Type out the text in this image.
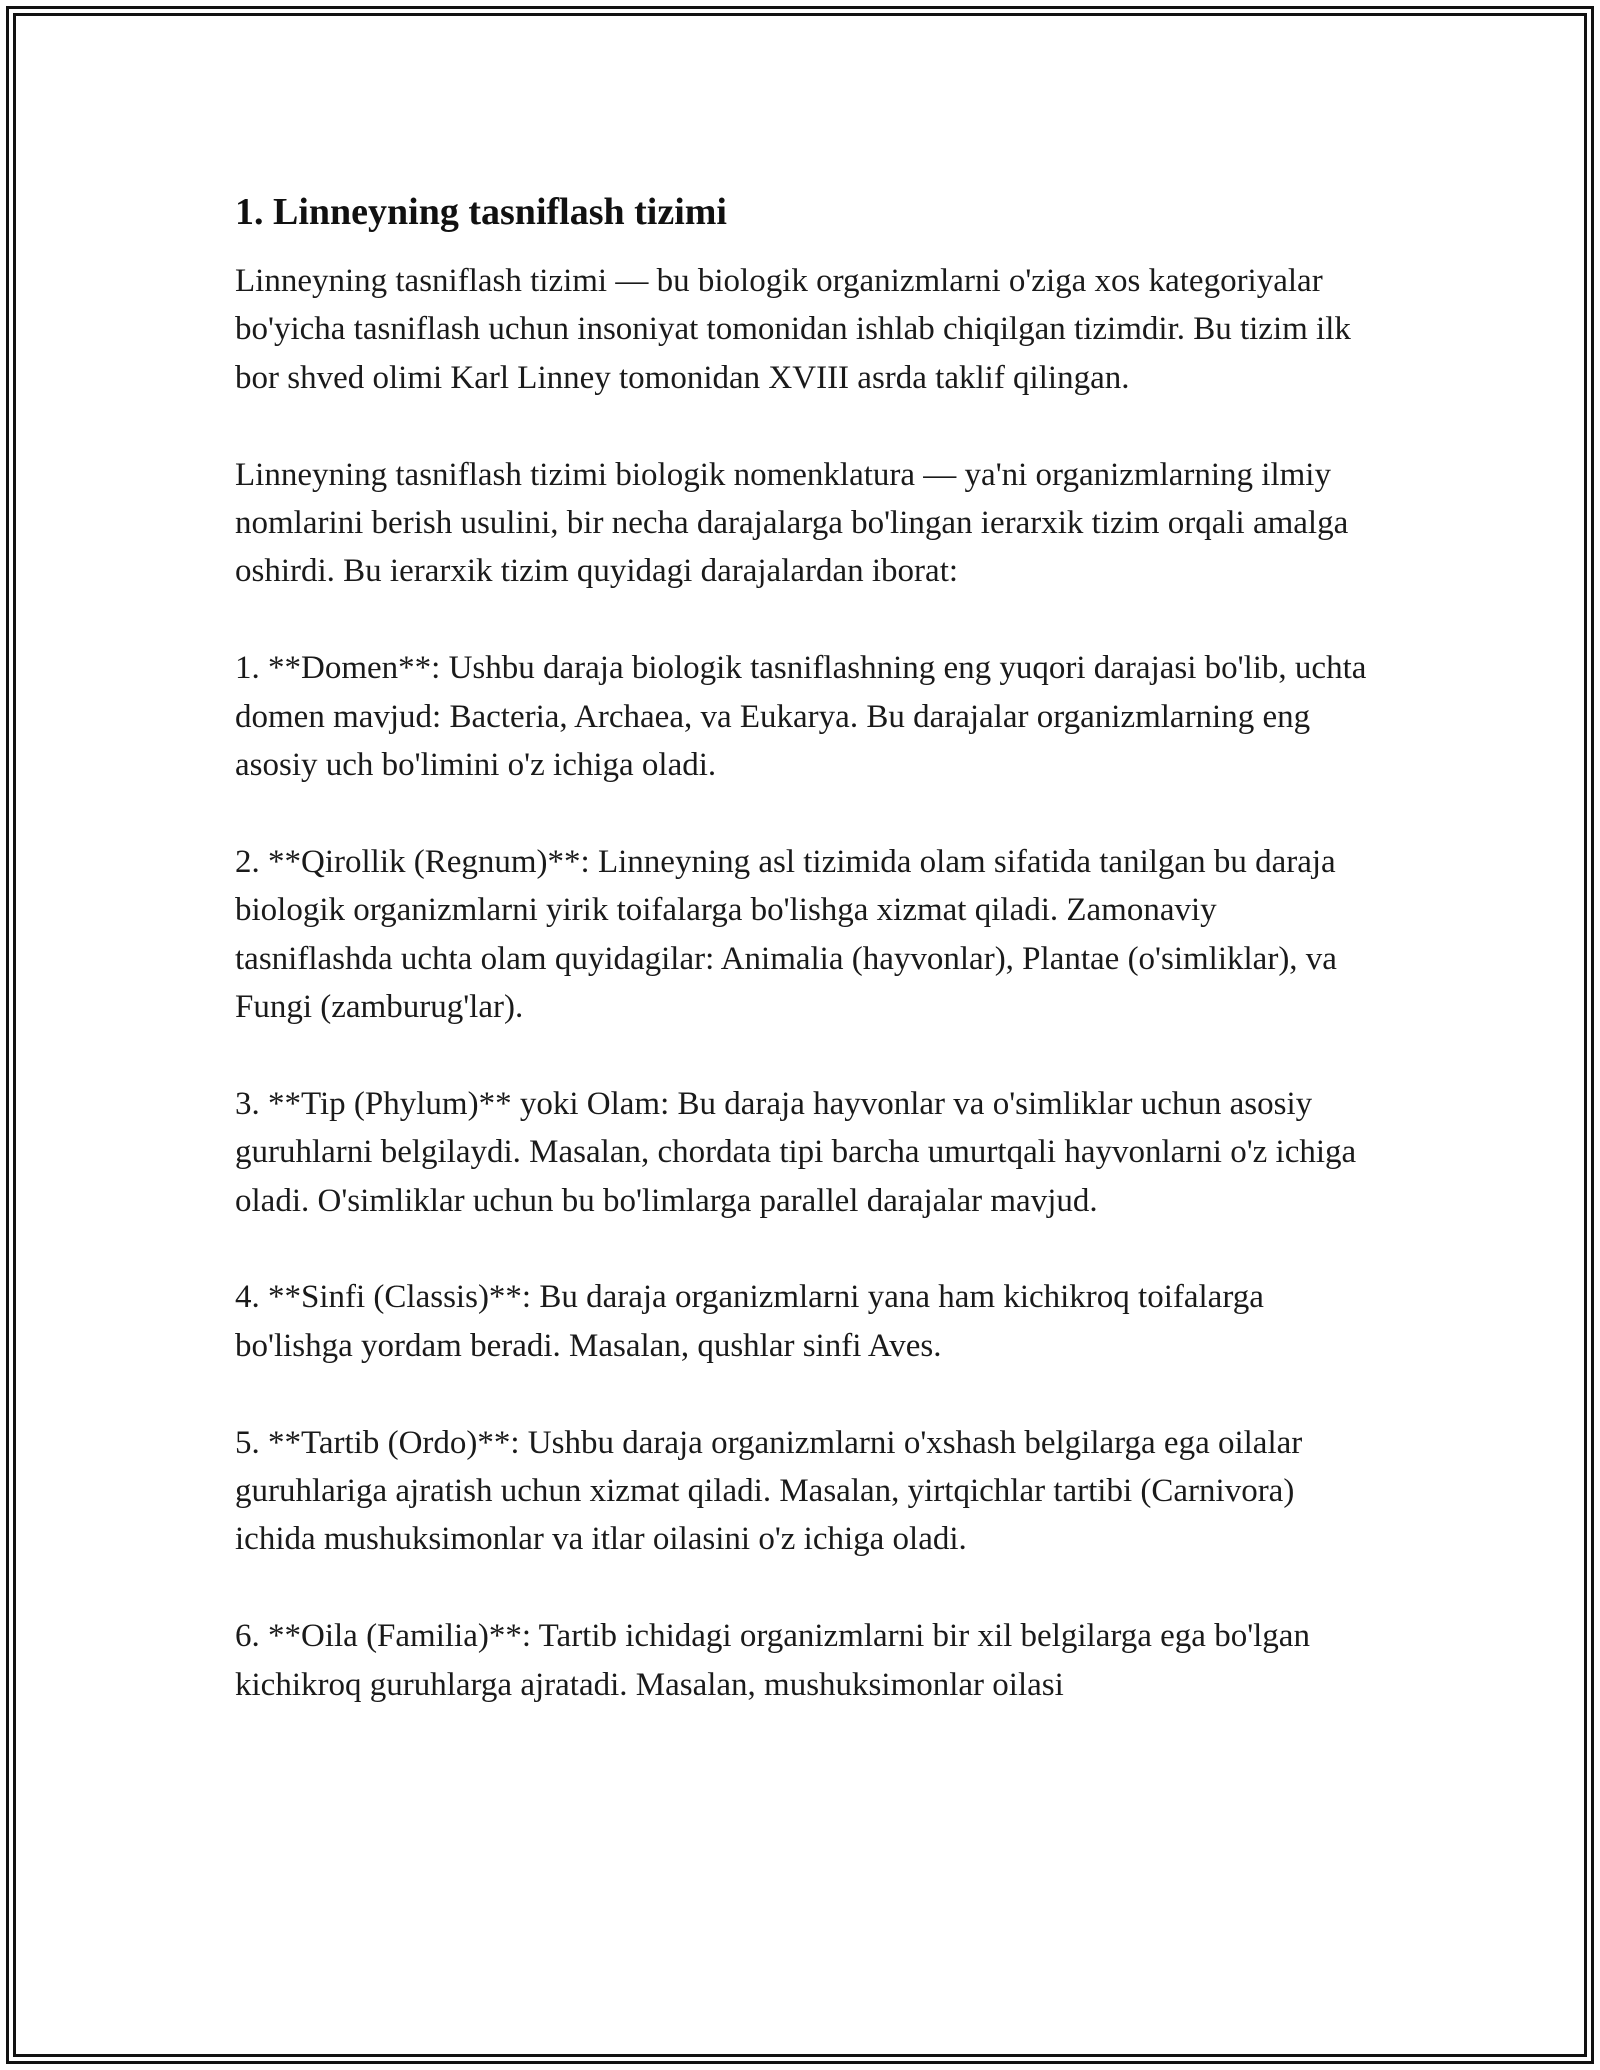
1. Linneyning tasniflash tizimi

Linneyning tasniflash tizimi — bu biologik organizmlarni o'ziga xos kategoriyalar bo'yicha tasniflash uchun insoniyat tomonidan ishlab chiqilgan tizimdir. Bu tizim ilk bor shved olimi Karl Linney tomonidan XVIII asrda taklif qilingan.

Linneyning tasniflash tizimi biologik nomenklatura — ya'ni organizmlarning ilmiy nomlarini berish usulini, bir necha darajalarga bo'lingan ierarxik tizim orqali amalga oshirdi. Bu ierarxik tizim quyidagi darajalardan iborat:

1. **Domen**: Ushbu daraja biologik tasniflashning eng yuqori darajasi bo'lib, uchta domen mavjud: Bacteria, Archaea, va Eukarya. Bu darajalar organizmlarning eng asosiy uch bo'limini o'z ichiga oladi.

2. **Qirollik (Regnum)**: Linneyning asl tizimida olam sifatida tanilgan bu daraja biologik organizmlarni yirik toifalarga bo'lishga xizmat qiladi. Zamonaviy tasniflashda uchta olam quyidagilar: Animalia (hayvonlar), Plantae (o'simliklar), va Fungi (zamburug'lar).

3. **Tip (Phylum)** yoki Olam: Bu daraja hayvonlar va o'simliklar uchun asosiy guruhlarni belgilaydi. Masalan, chordata tipi barcha umurtqali hayvonlarni o'z ichiga oladi. O'simliklar uchun bu bo'limlarga parallel darajalar mavjud.

4. **Sinfi (Classis)**: Bu daraja organizmlarni yana ham kichikroq toifalarga bo'lishga yordam beradi. Masalan, qushlar sinfi Aves.

5. **Tartib (Ordo)**: Ushbu daraja organizmlarni o'xshash belgilarga ega oilalar guruhlariga ajratish uchun xizmat qiladi. Masalan, yirtqichlar tartibi (Carnivora) ichida mushuksimonlar va itlar oilasini o'z ichiga oladi.

6. **Oila (Familia)**: Tartib ichidagi organizmlarni bir xil belgilarga ega bo'lgan kichikroq guruhlarga ajratadi. Masalan, mushuksimonlar oilasi
